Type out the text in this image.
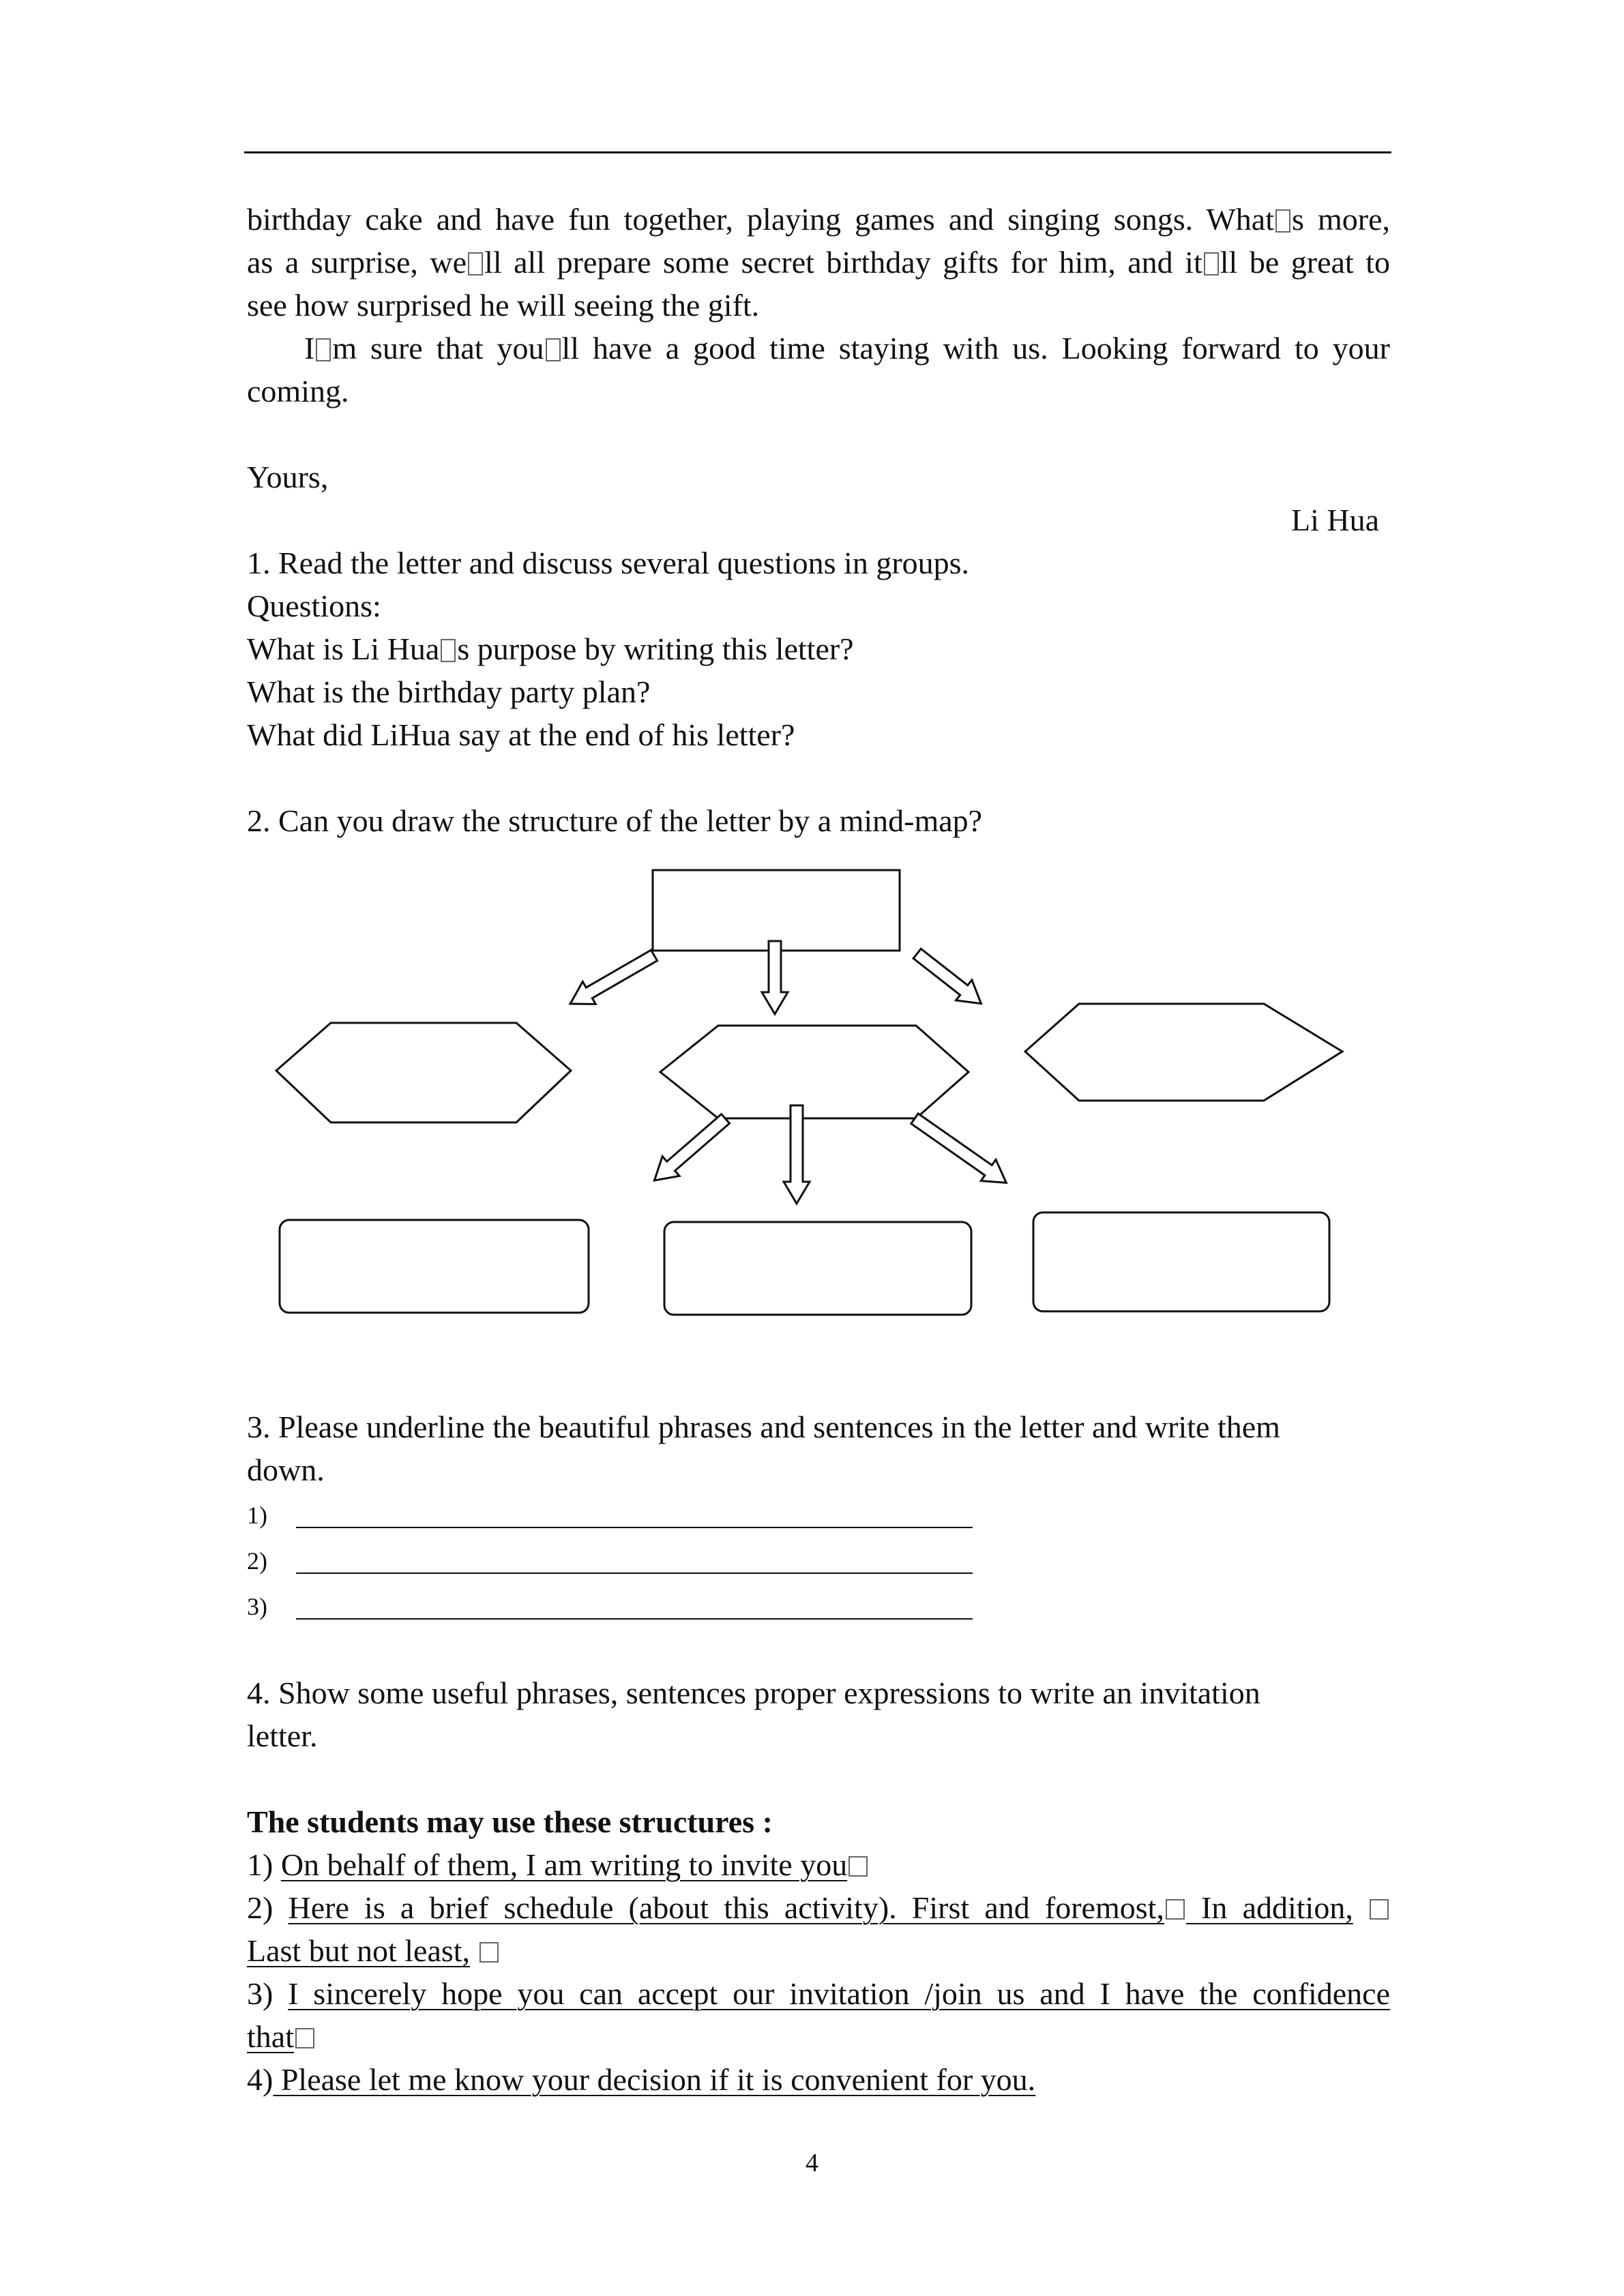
birthday cake and have fun together, playing games and singing songs. What s more,
as a surprise, we ll all prepare some secret birthday gifts for him, and it ll be great to
see how surprised he will seeing the gift.
I m sure that you ll have a good time staying with us. Looking forward to your
coming.
Yours,
Li Hua
1. Read the letter and discuss several questions in groups.
Questions:
What is Li Hua s purpose by writing this letter?
What is the birthday party plan?
What did LiHua say at the end of his letter?
2. Can you draw the structure of the letter by a mind-map?
3. Please underline the beautiful phrases and sentences in the letter and write them
down.
1)
2)
3)
4. Show some useful phrases, sentences proper expressions to write an invitation
letter.
The students may use these structures :
1) On behalf of them, I am writing to invite you
2) Here is a brief schedule (about this activity). First and foremost, In addition,
Last but not least,
3) I sincerely hope you can accept our invitation /join us and I have the confidence
that
4) Please let me know your decision if it is convenient for you.
4
